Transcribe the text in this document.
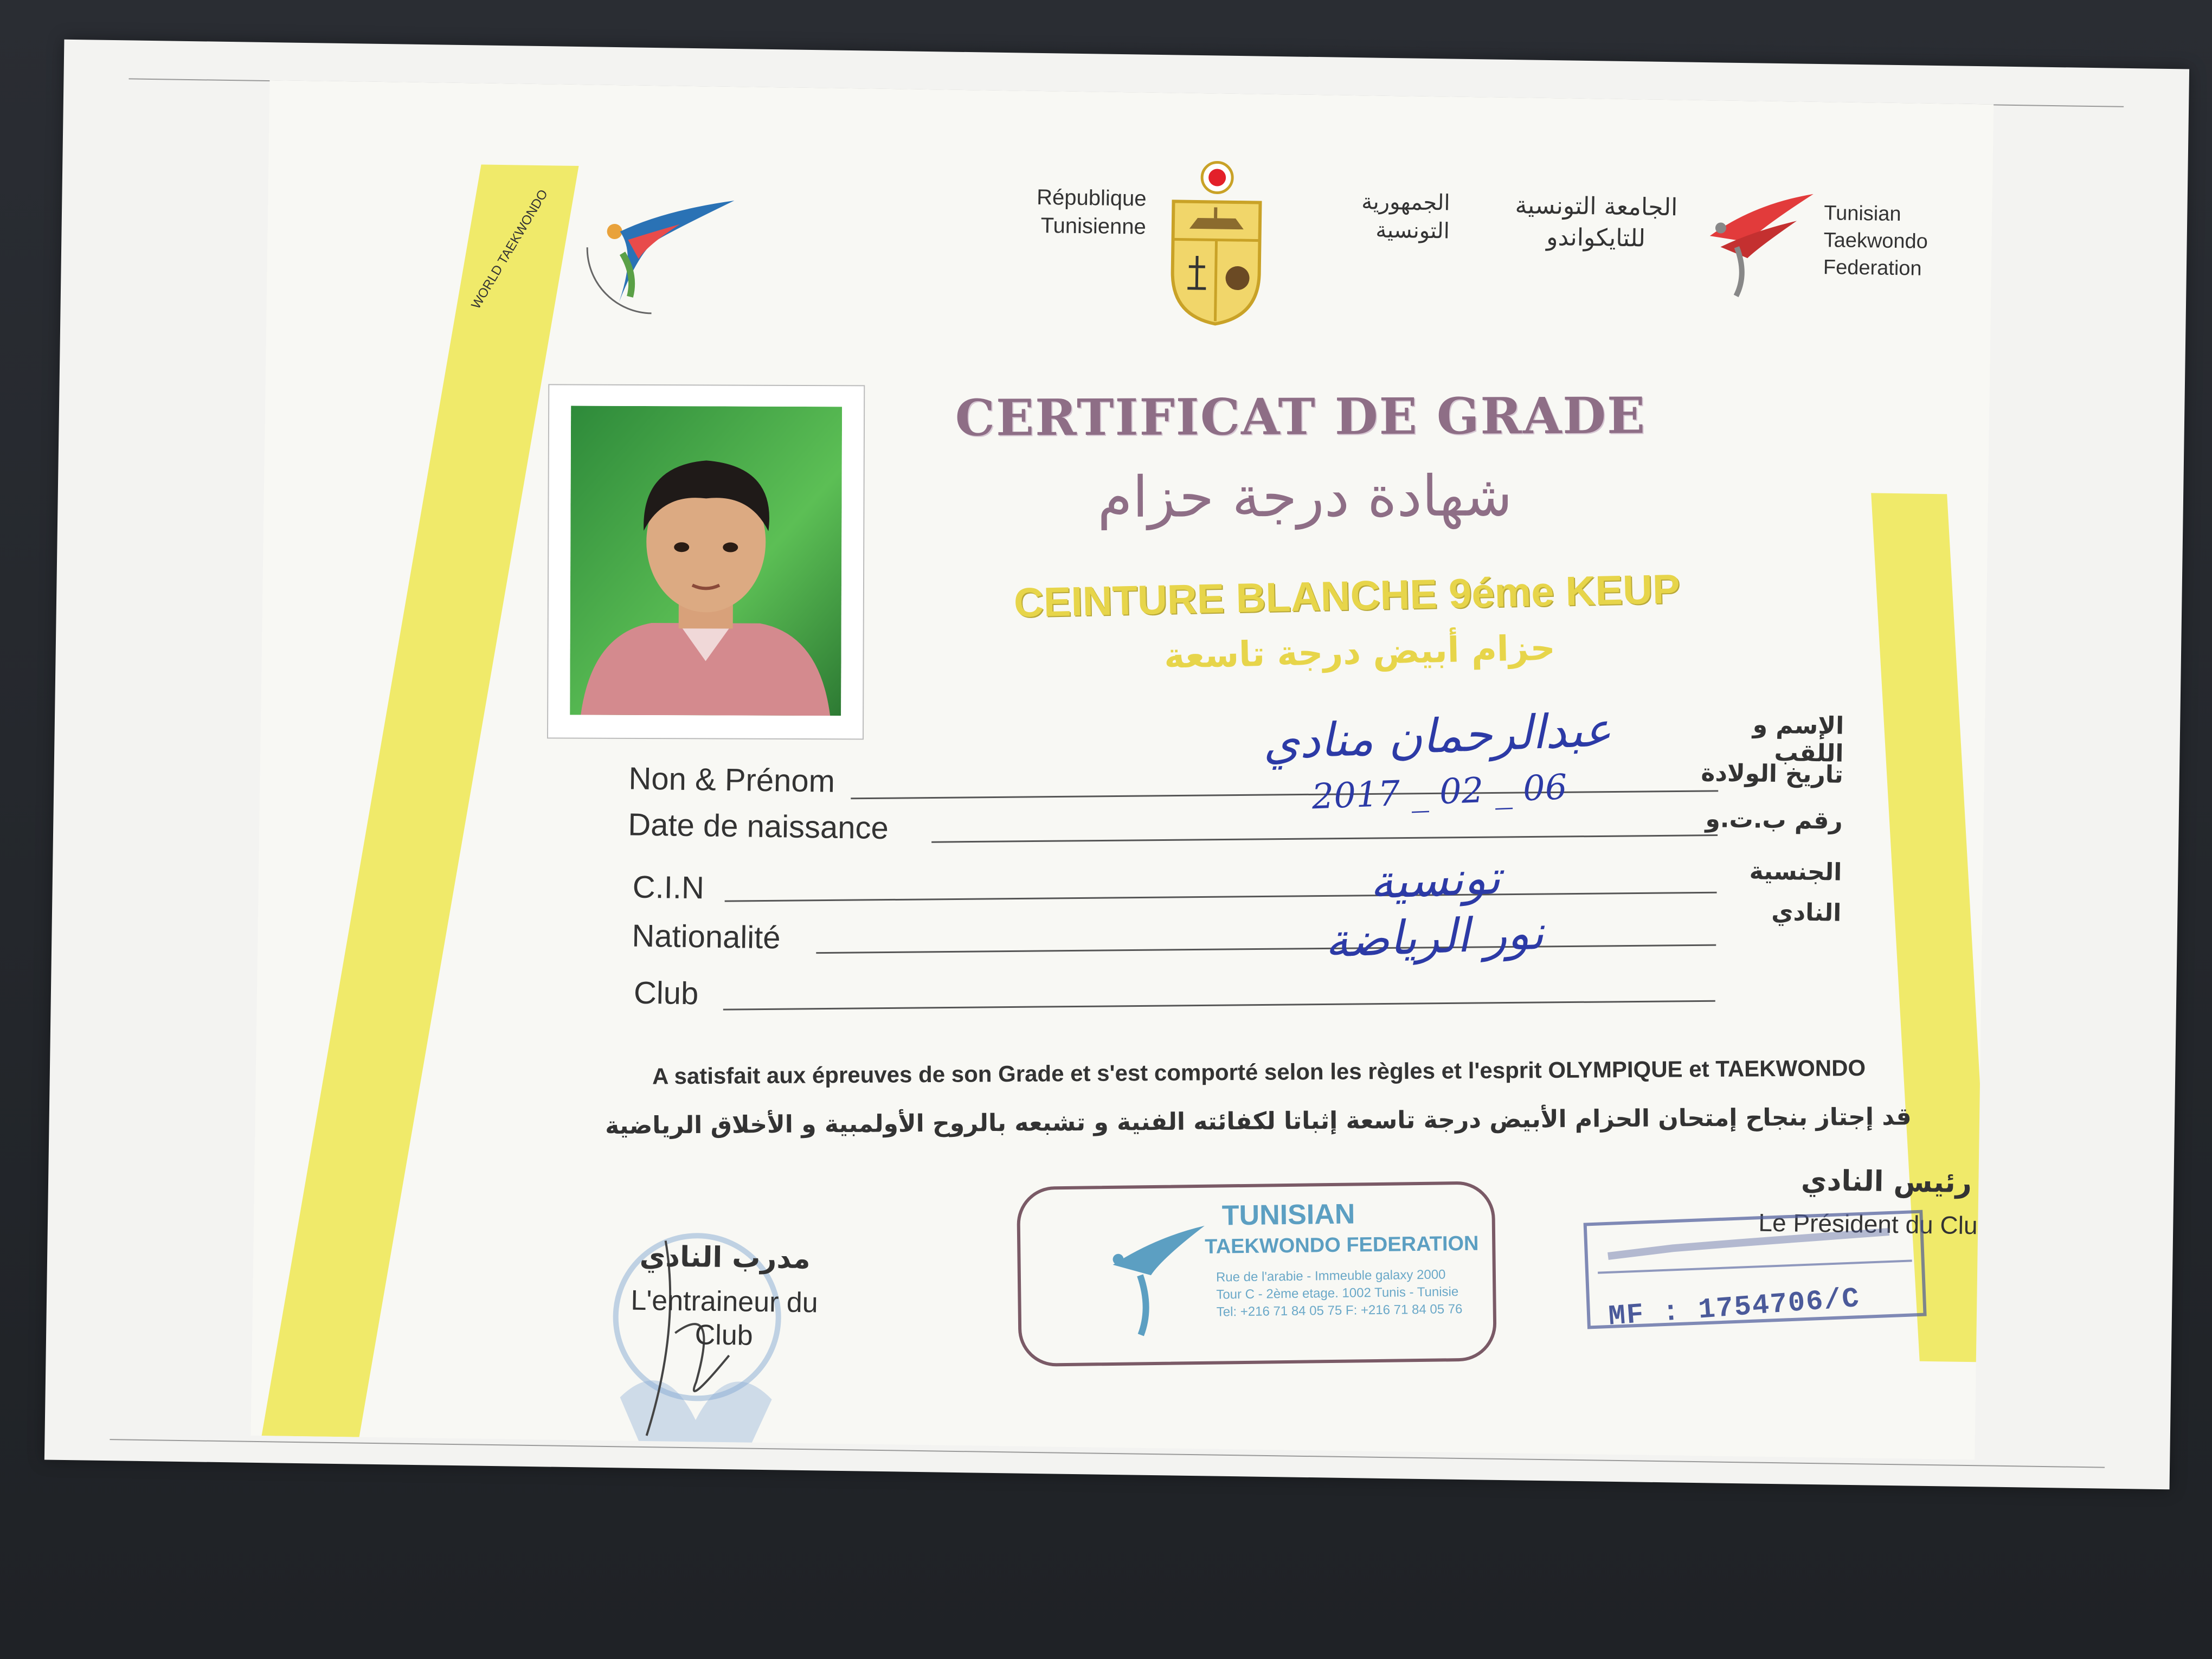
WORLD TAEKWONDO	République Tunisienne
الجمهورية التونسية
الجامعة التونسية للتايكواندو
Tunisian Taekwondo Federation
CERTIFICAT DE GRADE
شهادة درجة حزام
CEINTURE BLANCHE 9éme KEUP
حزام أبيض درجة تاسعة
Non & Prénom
Date de naissance
C.I.N
Nationalité
Club
الإسم و اللقب
تاريخ الولادة
رقم ب.ت.و
الجنسية
النادي
عبدالرحمان منادي
2017 _ 02 _ 06
تونسية
نور الرياضة
A satisfait aux épreuves de son Grade et s'est comporté selon les règles et l'esprit OLYMPIQUE et TAEKWONDO
قد إجتاز بنجاح إمتحان الحزام الأبيض درجة تاسعة إثباتا لكفائته الفنية و تشبعه بالروح الأولمبية و الأخلاق الرياضية
مدرب النادي
L'entraineur du Club
TUNISIAN
TAEKWONDO FEDERATION
Rue de l'arabie - Immeuble galaxy 2000
Tour C - 2ème etage. 1002 Tunis - Tunisie
Tel: +216 71 84 05 75 F: +216 71 84 05 76
رئيس النادي
Le Président du Club
MF : 1754706/C
